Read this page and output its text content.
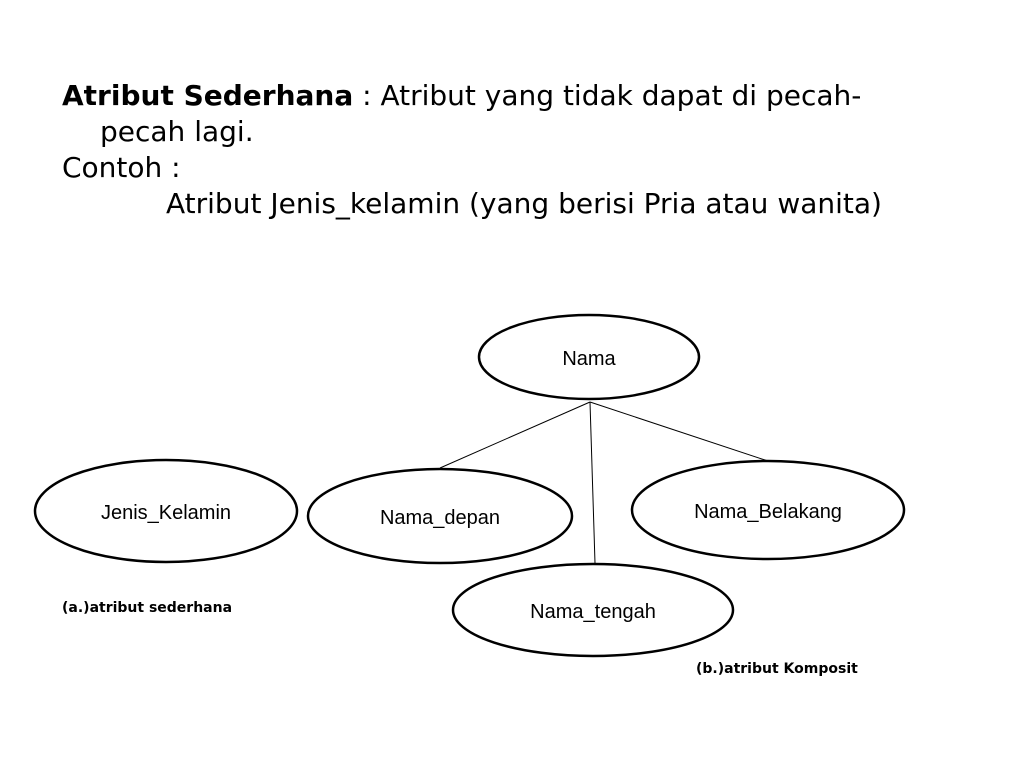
Atribut Sederhana : Atribut yang tidak dapat di pecah-pecah lagi.

Contoh :

Atribut Jenis_kelamin (yang berisi Pria atau wanita)

Jenis_Kelamin
Nama
Nama_depan
Nama_tengah
Nama_Belakang
(a.)atribut sederhana
(b.)atribut Komposit
